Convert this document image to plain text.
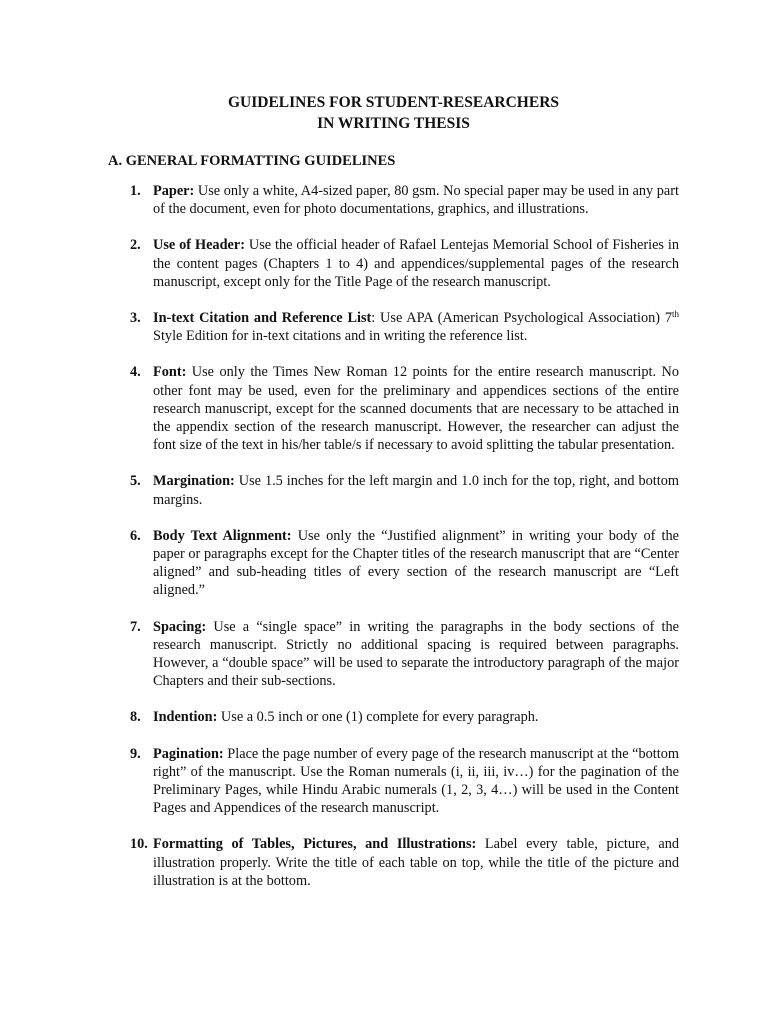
GUIDELINES FOR STUDENT-RESEARCHERS

IN WRITING THESIS

A. GENERAL FORMATTING GUIDELINES

1. Paper: Use only a white, A4-sized paper, 80 gsm. No special paper may be used in any part of the document, even for photo documentations, graphics, and illustrations.
2. Use of Header: Use the official header of Rafael Lentejas Memorial School of Fisheries in the content pages (Chapters 1 to 4) and appendices/supplemental pages of the research manuscript, except only for the Title Page of the research manuscript.
3. In-text Citation and Reference List: Use APA (American Psychological Association) 7th Style Edition for in-text citations and in writing the reference list.
4. Font: Use only the Times New Roman 12 points for the entire research manuscript. No other font may be used, even for the preliminary and appendices sections of the entire research manuscript, except for the scanned documents that are necessary to be attached in the appendix section of the research manuscript. However, the researcher can adjust the font size of the text in his/her table/s if necessary to avoid splitting the tabular presentation.
5. Margination: Use 1.5 inches for the left margin and 1.0 inch for the top, right, and bottom margins.
6. Body Text Alignment: Use only the “Justified alignment” in writing your body of the paper or paragraphs except for the Chapter titles of the research manuscript that are “Center aligned” and sub-heading titles of every section of the research manuscript are “Left aligned.”
7. Spacing: Use a “single space” in writing the paragraphs in the body sections of the research manuscript. Strictly no additional spacing is required between paragraphs. However, a “double space” will be used to separate the introductory paragraph of the major Chapters and their sub-sections.
8. Indention: Use a 0.5 inch or one (1) complete for every paragraph.
9. Pagination: Place the page number of every page of the research manuscript at the “bottom right” of the manuscript. Use the Roman numerals (i, ii, iii, iv…) for the pagination of the Preliminary Pages, while Hindu Arabic numerals (1, 2, 3, 4…) will be used in the Content Pages and Appendices of the research manuscript.
10. Formatting of Tables, Pictures, and Illustrations: Label every table, picture, and illustration properly. Write the title of each table on top, while the title of the picture and illustration is at the bottom.
